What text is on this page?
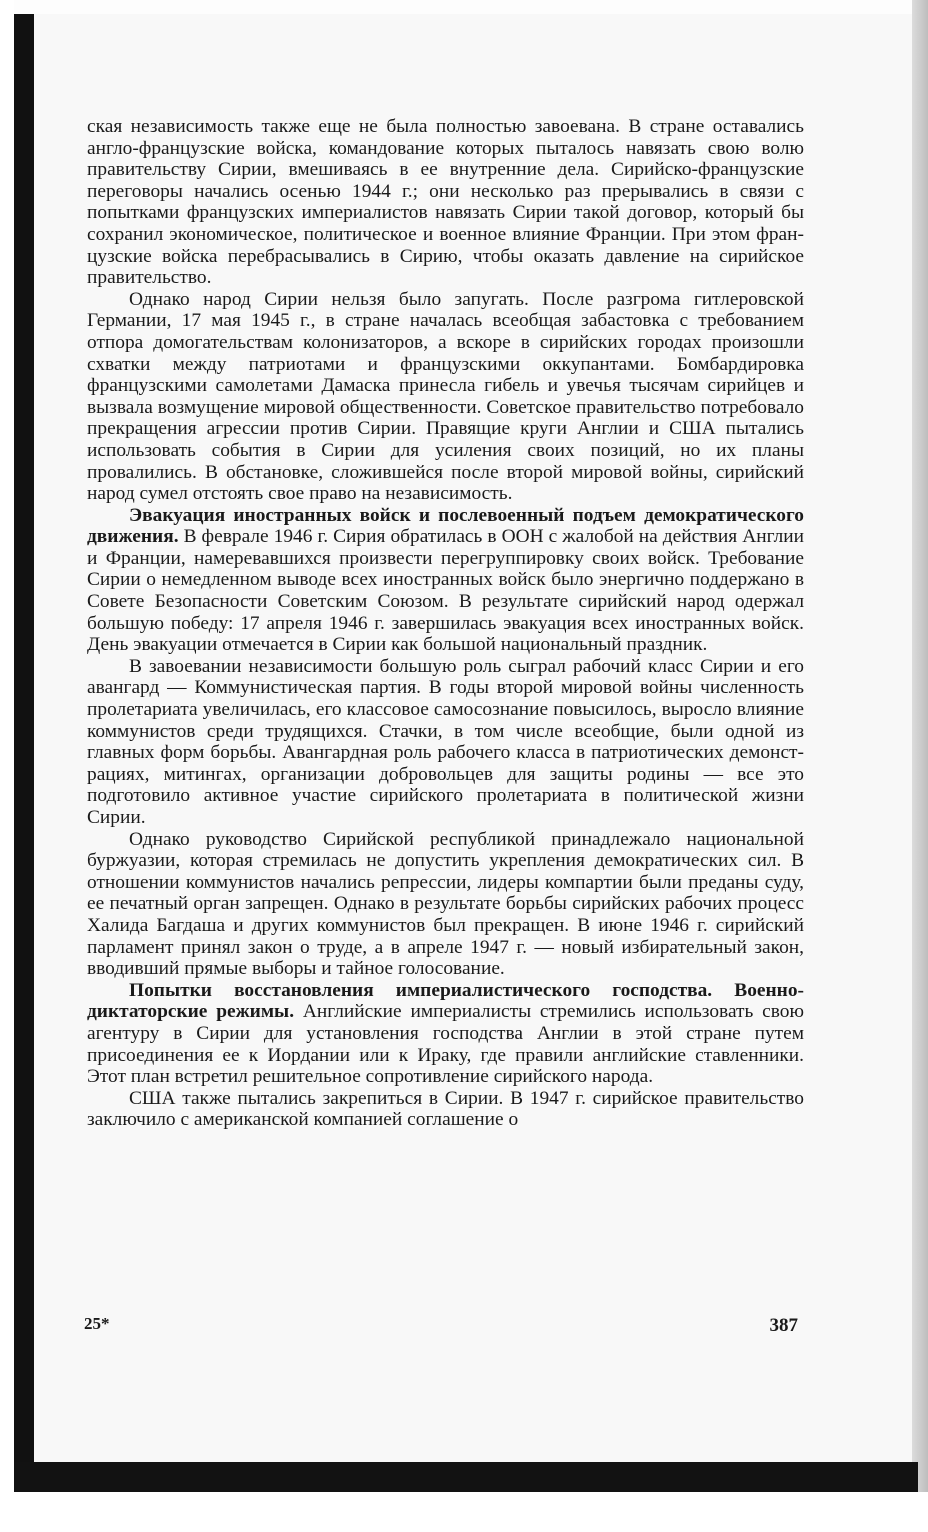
ская независимость также еще не была полностью завоевана. В стране оставались англо-французские войска, командование которых пыталось навязать свою волю правительству Сирии, вмешиваясь в ее внутренние дела. Сирийско-французские переговоры начались осенью 1944 г.; они несколько раз прерывались в связи с попытками французских империалистов навязать Сирии такой договор, который бы сохранил экономическое, политическое и военное влияние Франции. При этом французские войска перебрасывались в Сирию, чтобы оказать давление на сирийское правительство.

Однако народ Сирии нельзя было запугать. После разгрома гитлеровской Германии, 17 мая 1945 г., в стране началась всеобщая забастовка с требованием отпора домогательствам колонизаторов, а вскоре в сирийских городах произошли схватки между патриотами и французскими оккупантами. Бомбардировка французскими самолетами Дамаска принесла гибель и увечья тысячам сирийцев и вызвала возмущение мировой общественности. Советское правительство потребовало прекращения агрессии против Сирии. Правящие круги Англии и США пытались использовать события в Сирии для усиления своих позиций, но их планы провалились. В обстановке, сложившейся после второй мировой войны, сирийский народ сумел отстоять свое право на независимость.

Эвакуация иностранных войск и послевоенный подъем демократического движения. В феврале 1946 г. Сирия обратилась в ООН с жалобой на действия Англии и Франции, намеревавшихся произвести перегруппировку своих войск. Требование Сирии о немедленном выводе всех иностранных войск было энергично поддержано в Совете Безопасности Советским Союзом. В результате сирийский народ одержал большую победу: 17 апреля 1946 г. завершилась эвакуация всех иностранных войск. День эвакуации отмечается в Сирии как большой национальный праздник.

В завоевании независимости большую роль сыграл рабочий класс Сирии и его авангард — Коммунистическая партия. В годы второй мировой войны численность пролетариата увеличилась, его классовое самосознание повысилось, выросло влияние коммунистов среди трудящихся. Стачки, в том числе всеобщие, были одной из главных форм борьбы. Авангардная роль рабочего класса в патриотических демонстрациях, митингах, организации добровольцев для защиты родины — все это подготовило активное участие сирийского пролетариата в политической жизни Сирии.

Однако руководство Сирийской республикой принадлежало национальной буржуазии, которая стремилась не допустить укрепления демократических сил. В отношении коммунистов начались репрессии, лидеры компартии были преданы суду, ее печатный орган запрещен. Однако в результате борьбы сирийских рабочих процесс Халида Багдаша и других коммунистов был прекращен. В июне 1946 г. сирийский парламент принял закон о труде, а в апреле 1947 г. — новый избирательный закон, вводивший прямые выборы и тайное голосование.

Попытки восстановления империалистического господства. Военно-диктаторские режимы. Английские империалисты стремились использовать свою агентуру в Сирии для установления господства Англии в этой стране путем присоединения ее к Иордании или к Ираку, где правили английские ставленники. Этот план встретил решительное сопротивление сирийского народа.

США также пытались закрепиться в Сирии. В 1947 г. сирийское правительство заключило с американской компанией соглашение о

25*	387
